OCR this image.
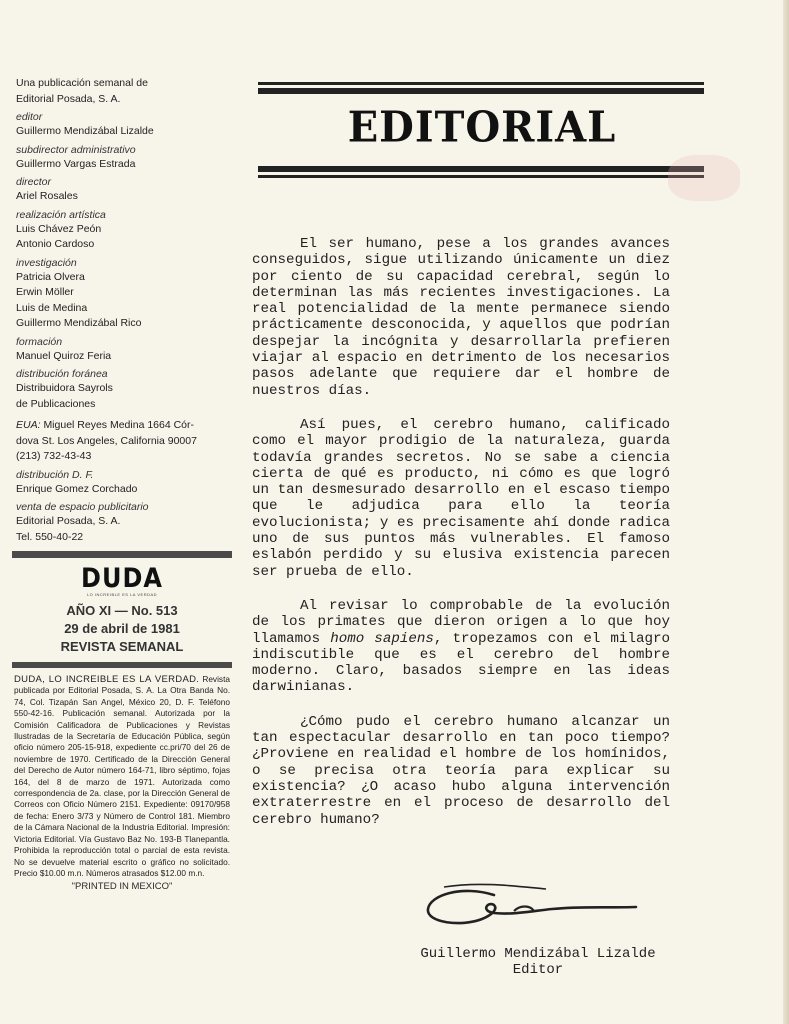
Una publicación semanal de
Editorial Posada, S. A.
editor
Guillermo Mendizábal Lizalde
subdirector administrativo
Guillermo Vargas Estrada
director
Ariel Rosales
realización artística
Luis Chávez Peón
Antonio Cardoso
investigación
Patricia Olvera
Erwin Möller
Luis de Medina
Guillermo Mendizábal Rico
formación
Manuel Quiroz Feria
distribución foránea
Distribuidora Sayrols
de Publicaciones
EUA: Miguel Reyes Medina 1664 Cór-
dova St. Los Angeles, California 90007
(213) 732-43-43
distribución D. F.
Enrique Gomez Corchado
venta de espacio publicitario
Editorial Posada, S. A.
Tel. 550-40-22
DUDA
LO INCREIBLE ES LA VERDAD
AÑO XI — No. 513
29 de abril de 1981
REVISTA SEMANAL
DUDA, LO INCREIBLE ES LA VERDAD. Revista publicada por Editorial Posada, S. A. La Otra Banda No. 74, Col. Tizapán San Angel, México 20, D. F. Teléfono 550-42-16. Publicación semanal. Autorizada por la Comisión Calificadora de Publicaciones y Revistas Ilustradas de la Secretaría de Educación Pública, según oficio número 205-15-918, expediente cc.pri/70 del 26 de noviembre de 1970. Certificado de la Dirección General del Derecho de Autor número 164-71, libro séptimo, fojas 164, del 8 de marzo de 1971. Autorizada como correspondencia de 2a. clase, por la Dirección General de Correos con Oficio Número 2151. Expediente: 09170/958 de fecha: Enero 3/73 y Número de Control 181. Miembro de la Cámara Nacional de la Industria Editorial. Impresión: Victoria Editorial. Vía Gustavo Baz No. 193-B Tlanepantla. Prohibida la reproducción total o parcial de esta revista. No se devuelve material escrito o gráfico no solicitado. Precio $10.00 m.n. Números atrasados $12.00 m.n.
"PRINTED IN MEXICO"
EDITORIAL

El ser humano, pese a los grandes avances conseguidos, sigue utilizando únicamente un diez por ciento de su capacidad cerebral, según lo determinan las más recientes investigaciones. La real potencialidad de la mente permanece siendo prácticamente desconocida, y aquellos que podrían despejar la incógnita y desarrollarla prefieren viajar al espacio en detrimento de los necesarios pasos adelante que requiere dar el hombre de nuestros días.

Así pues, el cerebro humano, calificado como el mayor prodigio de la naturaleza, guarda todavía grandes secretos. No se sabe a ciencia cierta de qué es producto, ni cómo es que logró un tan desmesurado desarrollo en el escaso tiempo que le adjudica para ello la teoría evolucionista; y es precisamente ahí donde radica uno de sus puntos más vulnerables. El famoso eslabón perdido y su elusiva existencia parecen ser prueba de ello.

Al revisar lo comprobable de la evolución de los primates que dieron origen a lo que hoy llamamos homo sapiens, tropezamos con el milagro indiscutible que es el cerebro del hombre moderno. Claro, basados siempre en las ideas darwinianas.

¿Cómo pudo el cerebro humano alcanzar un tan espectacular desarrollo en tan poco tiempo? ¿Proviene en realidad el hombre de los homínidos, o se precisa otra teoría para explicar su existencia? ¿O acaso hubo alguna intervención extraterrestre en el proceso de desarrollo del cerebro humano?

Guillermo Mendizábal Lizalde
Editor
